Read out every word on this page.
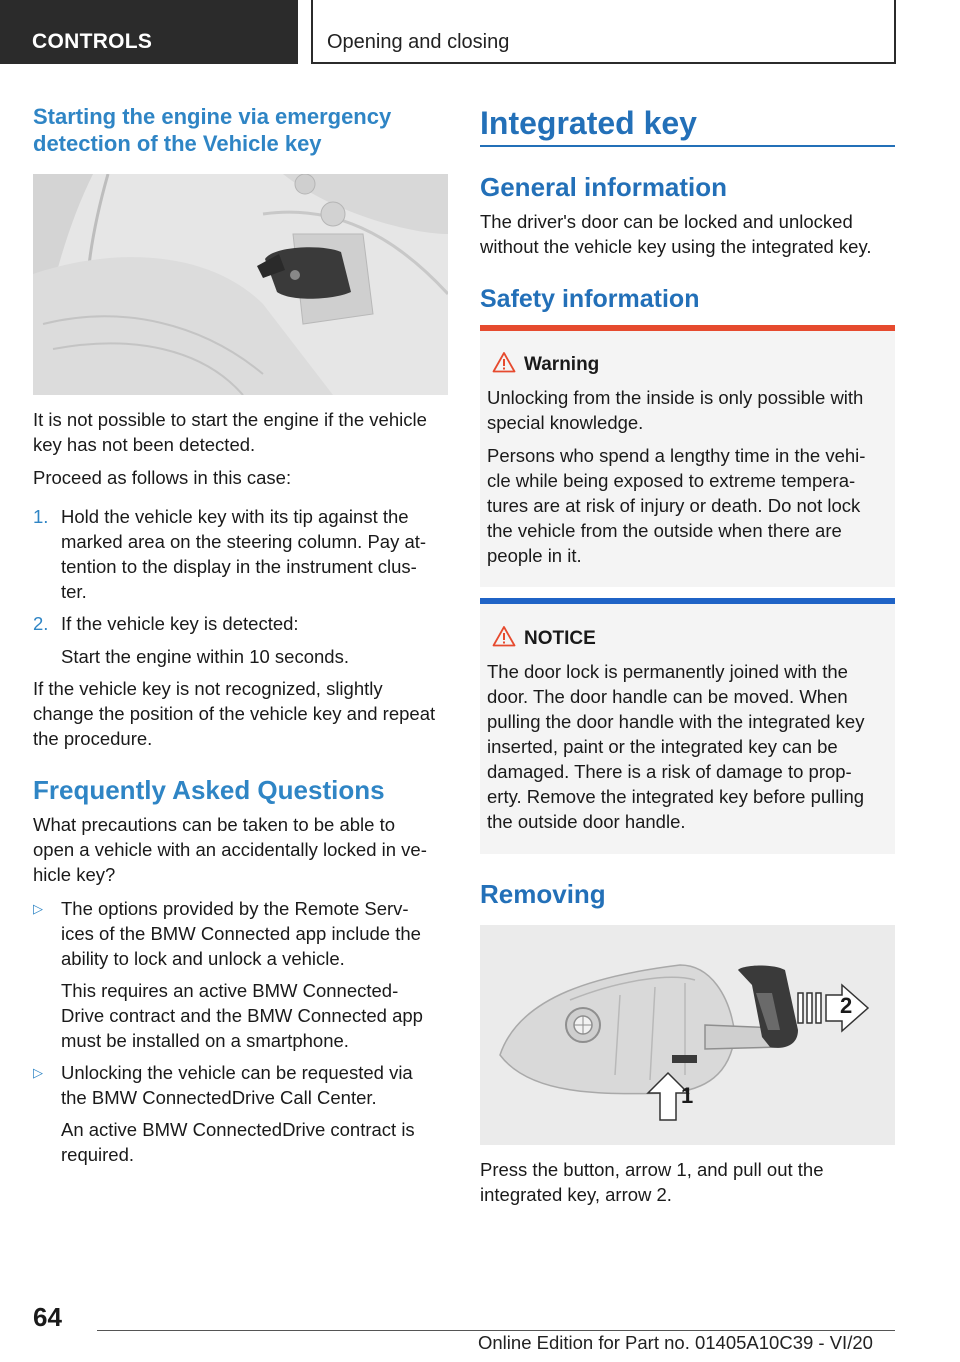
CONTROLS	Opening and closing
Starting the engine via emergency
detection of the Vehicle key
It is not possible to start the engine if the vehicle
key has not been detected.
Proceed as follows in this case:
1. Hold the vehicle key with its tip against the
marked area on the steering column. Pay at-
tention to the display in the instrument clus-
ter.
2. If the vehicle key is detected:
Start the engine within 10 seconds.
If the vehicle key is not recognized, slightly
change the position of the vehicle key and repeat
the procedure.
Frequently Asked Questions
What precautions can be taken to be able to
open a vehicle with an accidentally locked in ve-
hicle key?
▷ The options provided by the Remote Serv-
ices of the BMW Connected app include the
ability to lock and unlock a vehicle.
This requires an active BMW Connected-
Drive contract and the BMW Connected app
must be installed on a smartphone.
▷ Unlocking the vehicle can be requested via
the BMW ConnectedDrive Call Center.
An active BMW ConnectedDrive contract is
required.
Integrated key
General information
The driver's door can be locked and unlocked
without the vehicle key using the integrated key.
Safety information
Warning
Unlocking from the inside is only possible with
special knowledge.
Persons who spend a lengthy time in the vehi-
cle while being exposed to extreme tempera-
tures are at risk of injury or death. Do not lock
the vehicle from the outside when there are
people in it.
NOTICE
The door lock is permanently joined with the
door. The door handle can be moved. When
pulling the door handle with the integrated key
inserted, paint or the integrated key can be
damaged. There is a risk of damage to prop-
erty. Remove the integrated key before pulling
the outside door handle.
Removing
2
1
Press the button, arrow 1, and pull out the
integrated key, arrow 2.
64
Online Edition for Part no. 01405A10C39 - VI/20
